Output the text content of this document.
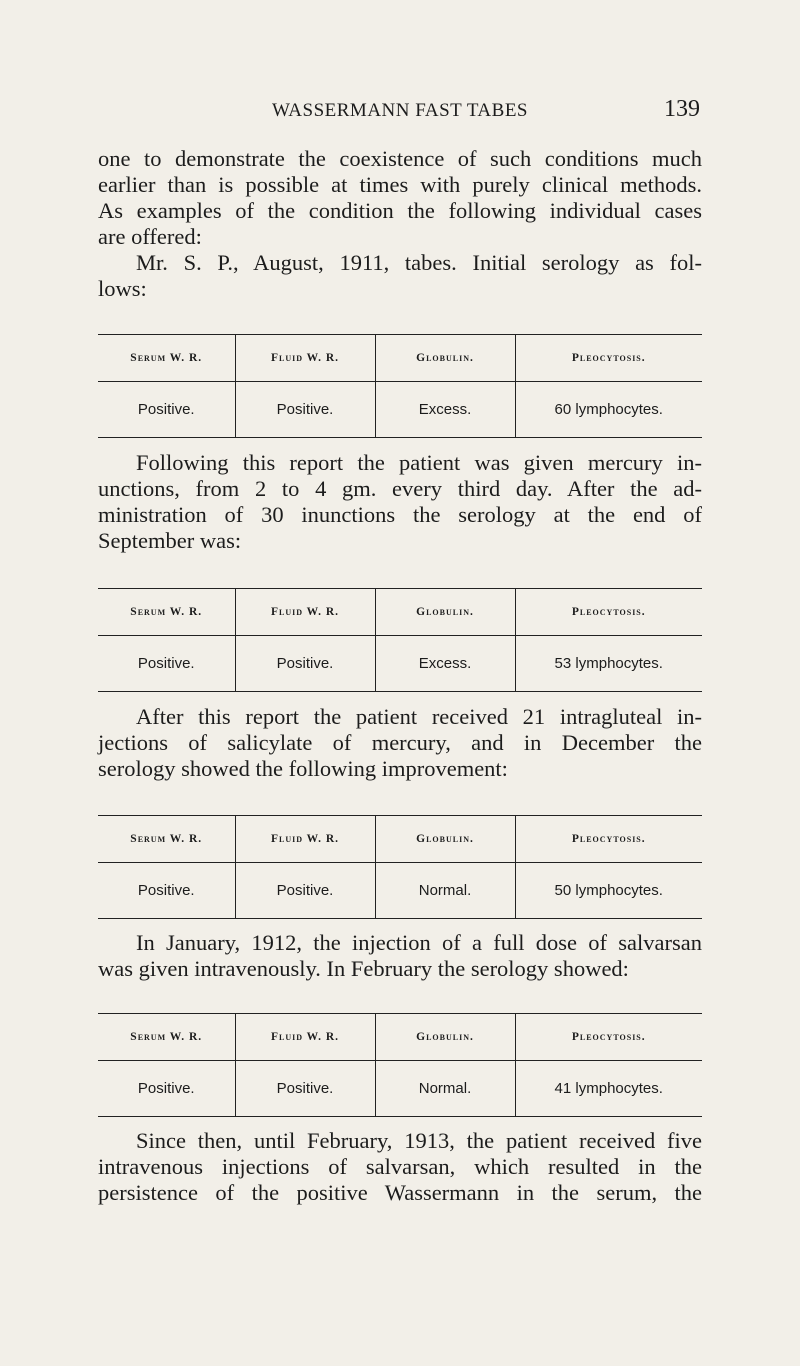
WASSERMANN FAST TABES	139
one to demonstrate the coexistence of such conditions much
earlier than is possible at times with purely clinical methods.
As examples of the condition the following individual cases
are offered:
Mr. S. P., August, 1911, tabes. Initial serology as fol-
lows:
Serum W. R.	Fluid W. R.	Globulin.	Pleocytosis.
Positive.	Positive.	Excess.	60 lymphocytes.
Following this report the patient was given mercury in-
unctions, from 2 to 4 gm. every third day. After the ad-
ministration of 30 inunctions the serology at the end of
September was:
Serum W. R.	Fluid W. R.	Globulin.	Pleocytosis.
Positive.	Positive.	Excess.	53 lymphocytes.
After this report the patient received 21 intragluteal in-
jections of salicylate of mercury, and in December the
serology showed the following improvement:
Serum W. R.	Fluid W. R.	Globulin.	Pleocytosis.
Positive.	Positive.	Normal.	50 lymphocytes.
In January, 1912, the injection of a full dose of salvarsan
was given intravenously. In February the serology showed:
Serum W. R.	Fluid W. R.	Globulin.	Pleocytosis.
Positive.	Positive.	Normal.	41 lymphocytes.
Since then, until February, 1913, the patient received five
intravenous injections of salvarsan, which resulted in the
persistence of the positive Wassermann in the serum, the
